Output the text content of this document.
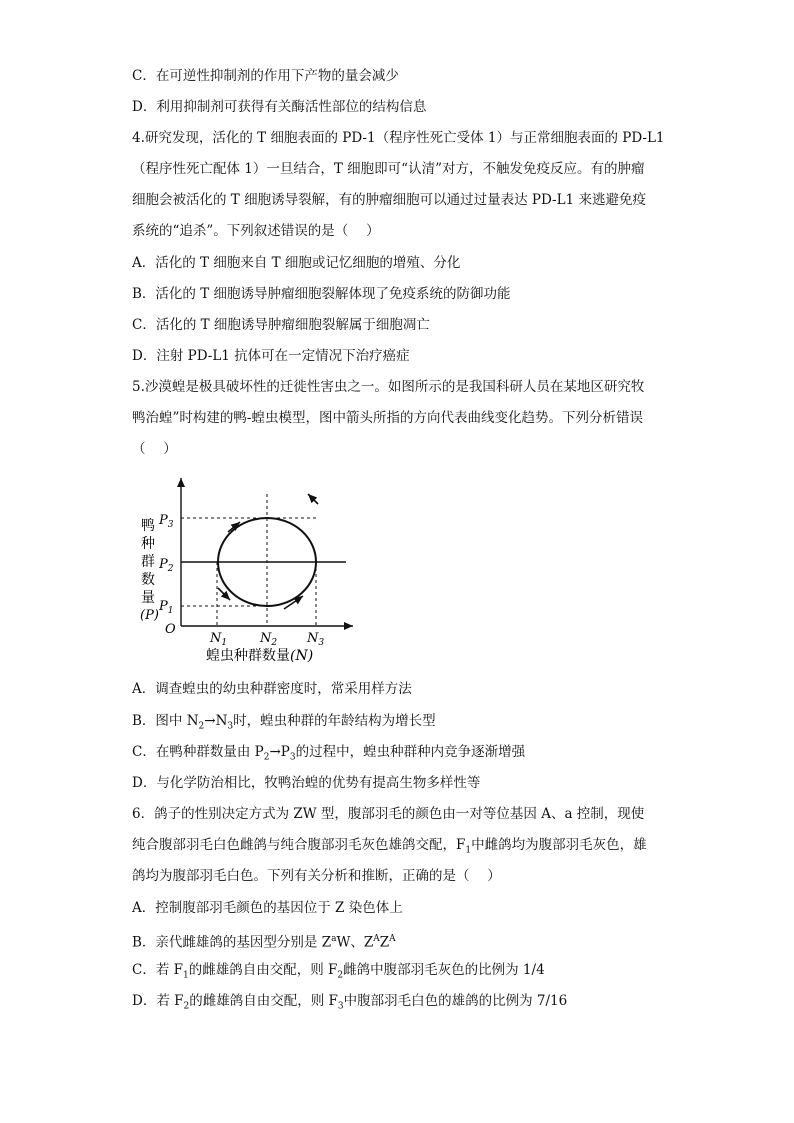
C．在可逆性抑制剂的作用下产物的量会减少
D．利用抑制剂可获得有关酶活性部位的结构信息
4.研究发现，活化的 T 细胞表面的 PD-1（程序性死亡受体 1）与正常细胞表面的 PD-L1
（程序性死亡配体 1）一旦结合，T 细胞即可“认清”对方，不触发免疫反应。有的肿瘤
细胞会被活化的 T 细胞诱导裂解，有的肿瘤细胞可以通过过量表达 PD-L1 来逃避免疫
系统的“追杀”。下列叙述错误的是（　 ）
A．活化的 T 细胞来自 T 细胞或记忆细胞的增殖、分化
B．活化的 T 细胞诱导肿瘤细胞裂解体现了免疫系统的防御功能
C．活化的 T 细胞诱导肿瘤细胞裂解属于细胞凋亡
D．注射 PD-L1 抗体可在一定情况下治疗癌症
5.沙漠蝗是极具破坏性的迁徙性害虫之一。如图所示的是我国科研人员在某地区研究牧
鸭治蝗”时构建的鸭-蝗虫模型，图中箭头所指的方向代表曲线变化趋势。下列分析错误
（　 ）
鸭
种
群
数
量
(P)
$P_3$
$P_2$
$P_1$
O
$N_1$	$N_2$ $N_3$
蝗虫种群数量(N)
A．调查蝗虫的幼虫种群密度时，常采用样方法
B．图中 $N_2\to N_3$时，蝗虫种群的年龄结构为增长型
C．在鸭种群数量由 $P_2\to P_3$的过程中，蝗虫种群种内竞争逐渐增强
D．与化学防治相比，牧鸭治蝗的优势有提高生物多样性等
6．鸽子的性别决定方式为 ZW 型，腹部羽毛的颜色由一对等位基因 A、a 控制，现使
纯合腹部羽毛白色雌鸽与纯合腹部羽毛灰色雄鸽交配，$F_1$中雌鸽均为腹部羽毛灰色，雄
鸽均为腹部羽毛白色。下列有关分析和推断，正确的是（　 ）
A．控制腹部羽毛颜色的基因位于 Z 染色体上
B．亲代雌雄鸽的基因型分别是 $Z^aW$、$Z^AZ^A$
C．若 $F_1$的雌雄鸽自由交配，则 $F_2$雌鸽中腹部羽毛灰色的比例为 1/4
D．若 $F_2$的雌雄鸽自由交配，则 $F_3$中腹部羽毛白色的雄鸽的比例为 7/16
